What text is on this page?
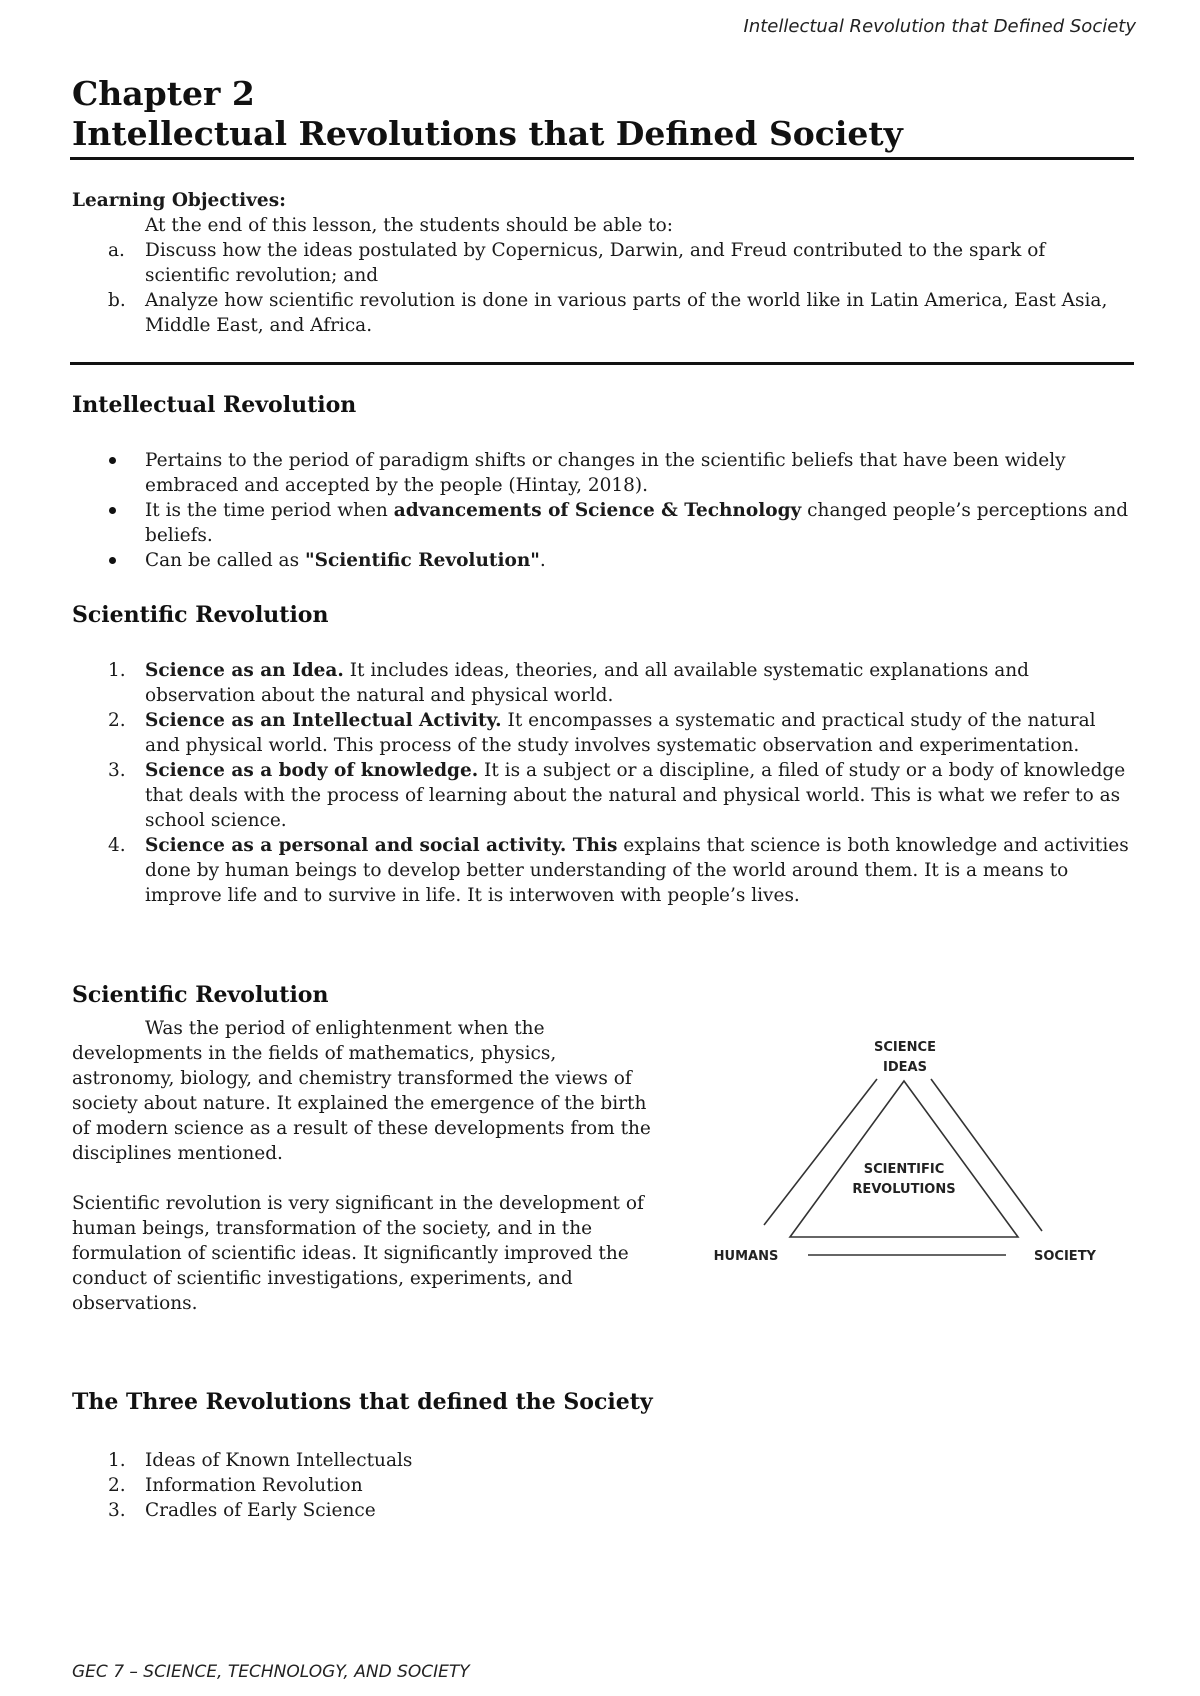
Intellectual Revolution that Defined Society
Chapter 2
Intellectual Revolutions that Defined Society
Learning Objectives:
At the end of this lesson, the students should be able to:
a. Discuss how the ideas postulated by Copernicus, Darwin, and Freud contributed to the spark of scientific revolution; and
b. Analyze how scientific revolution is done in various parts of the world like in Latin America, East Asia, Middle East, and Africa.
Intellectual Revolution
Pertains to the period of paradigm shifts or changes in the scientific beliefs that have been widely embraced and accepted by the people (Hintay, 2018).
It is the time period when advancements of Science & Technology changed people’s perceptions and beliefs.
Can be called as "Scientific Revolution".
Scientific Revolution
1. Science as an Idea. It includes ideas, theories, and all available systematic explanations and observation about the natural and physical world.
2. Science as an Intellectual Activity. It encompasses a systematic and practical study of the natural and physical world. This process of the study involves systematic observation and experimentation.
3. Science as a body of knowledge. It is a subject or a discipline, a filed of study or a body of knowledge that deals with the process of learning about the natural and physical world. This is what we refer to as school science.
4. Science as a personal and social activity. This explains that science is both knowledge and activities done by human beings to develop better understanding of the world around them. It is a means to improve life and to survive in life. It is interwoven with people’s lives.
Scientific Revolution

Was the period of enlightenment when the developments in the fields of mathematics, physics, astronomy, biology, and chemistry transformed the views of society about nature. It explained the emergence of the birth of modern science as a result of these developments from the disciplines mentioned.

Scientific revolution is very significant in the development of human beings, transformation of the society, and in the formulation of scientific ideas. It significantly improved the conduct of scientific investigations, experiments, and observations.

SCIENCE
IDEAS
SCIENTIFIC
REVOLUTIONS
HUMANS	SOCIETY
The Three Revolutions that defined the Society
1. Ideas of Known Intellectuals
2. Information Revolution
3. Cradles of Early Science
GEC 7 – SCIENCE, TECHNOLOGY, AND SOCIETY
